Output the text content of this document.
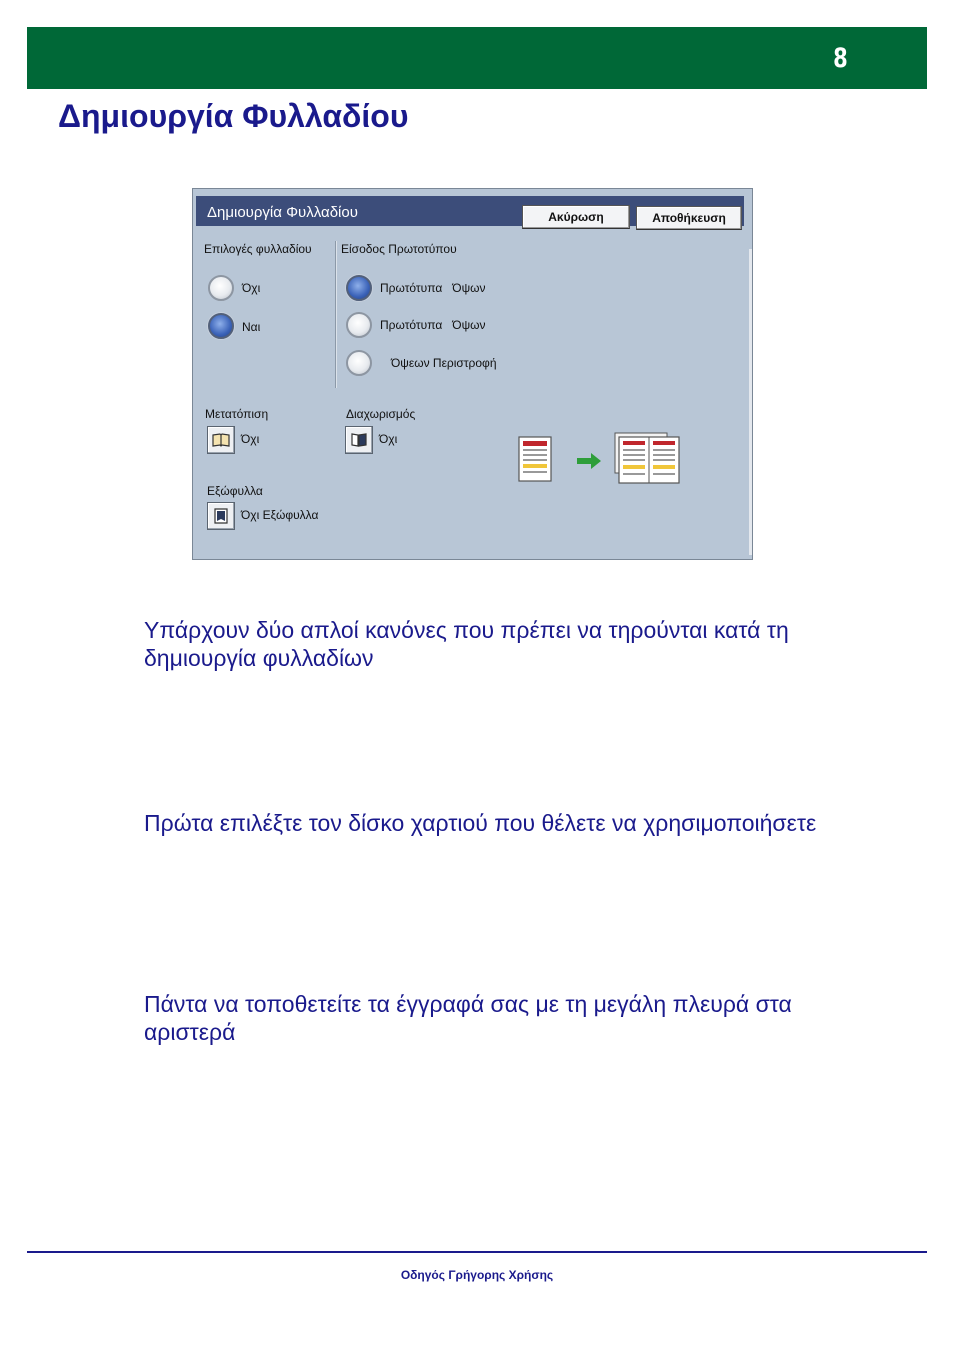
8
Δημιουργία Φυλλαδίου
Δημιουργία Φυλλαδίου	Ακύρωση	Αποθήκευση
Επιλογές φυλλαδίου Είσοδος Πρωτοτύπου
Όχι
Ναι
Πρωτότυπα   Όψων
Πρωτότυπα   Όψων
Όψεων Περιστροφή
Μετατόπιση
Όχι
Διαχωρισμός
Όχι
Εξώφυλλα
Όχι Εξώφυλλα

Υπάρχουν δύο απλοί κανόνες που πρέπει να τηρούνται κατά τη δημιουργία φυλλαδίων

Πρώτα επιλέξτε τον δίσκο χαρτιού που θέλετε να χρησιμοποιήσετε

Πάντα να τοποθετείτε τα έγγραφά σας με τη μεγάλη πλευρά στα αριστερά

Οδηγός Γρήγορης Χρήσης
